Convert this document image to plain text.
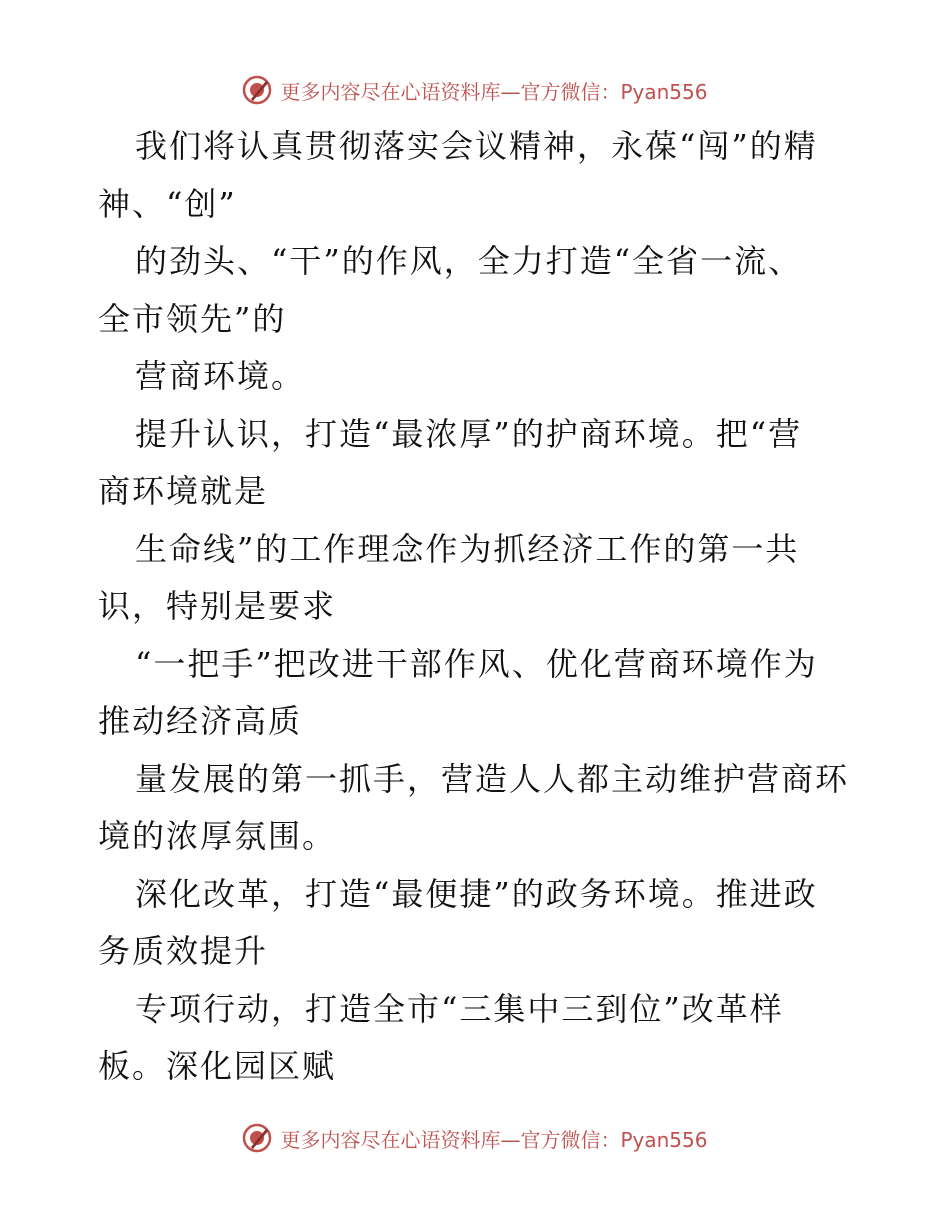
更多内容尽在心语资料库—官方微信：Pyan556
我们将认真贯彻落实会议精神，永葆“闯”的精
神、“创”
的劲头、“干”的作风，全力打造“全省一流、
全市领先”的
营商环境。
提升认识，打造“最浓厚”的护商环境。把“营
商环境就是
生命线”的工作理念作为抓经济工作的第一共
识，特别是要求
“一把手”把改进干部作风、优化营商环境作为
推动经济高质
量发展的第一抓手，营造人人都主动维护营商环
境的浓厚氛围。
深化改革，打造“最便捷”的政务环境。推进政
务质效提升
专项行动，打造全市“三集中三到位”改革样
板。深化园区赋
更多内容尽在心语资料库—官方微信：Pyan556
